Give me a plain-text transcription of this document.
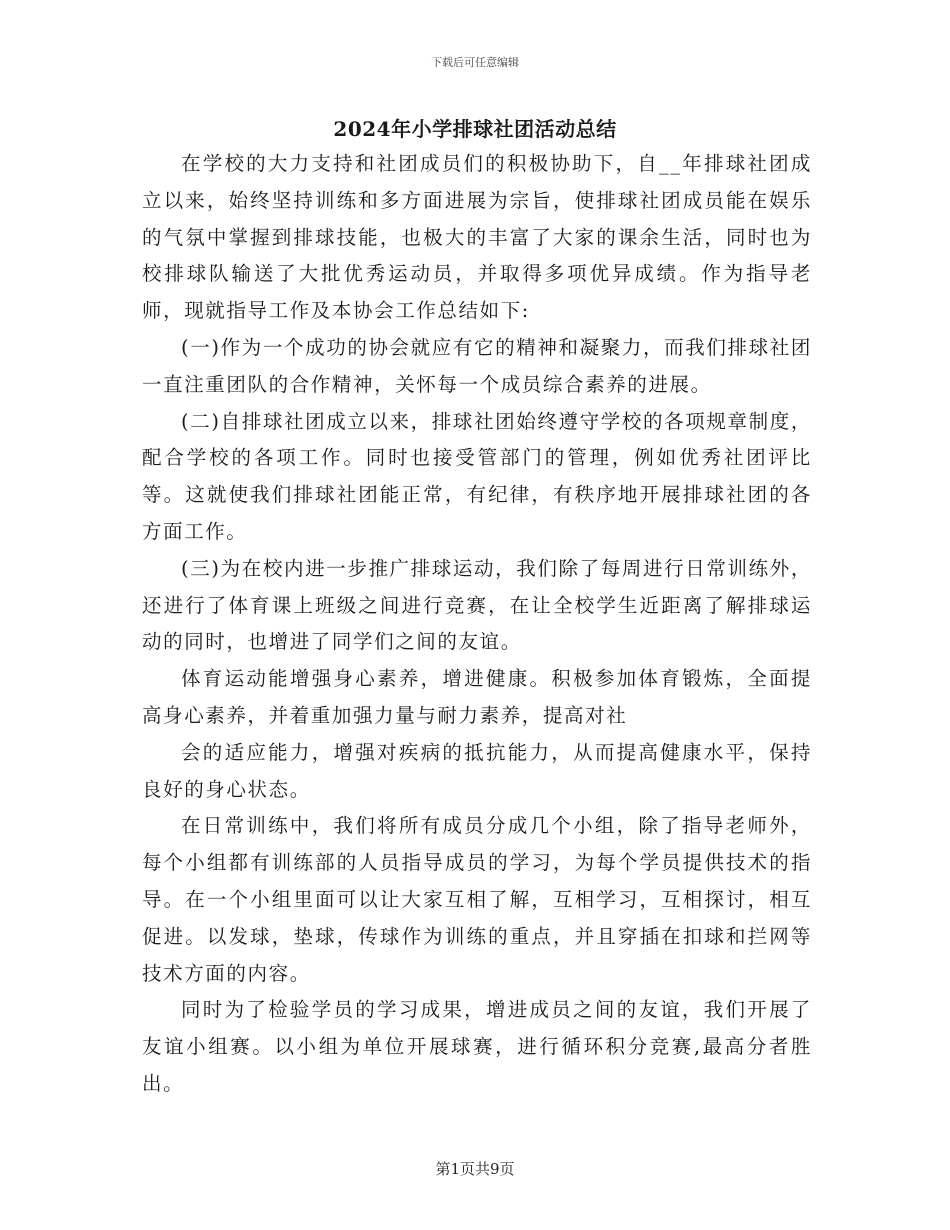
下载后可任意编辑
2024年小学排球社团活动总结

在学校的大力支持和社团成员们的积极协助下，自__年排球社团成立以来，始终坚持训练和多方面进展为宗旨，使排球社团成员能在娱乐的气氛中掌握到排球技能，也极大的丰富了大家的课余生活，同时也为校排球队输送了大批优秀运动员，并取得多项优异成绩。作为指导老师，现就指导工作及本协会工作总结如下:

(一)作为一个成功的协会就应有它的精神和凝聚力，而我们排球社团一直注重团队的合作精神，关怀每一个成员综合素养的进展。

(二)自排球社团成立以来，排球社团始终遵守学校的各项规章制度，配合学校的各项工作。同时也接受管部门的管理，例如优秀社团评比等。这就使我们排球社团能正常，有纪律，有秩序地开展排球社团的各方面工作。

(三)为在校内进一步推广排球运动，我们除了每周进行日常训练外，还进行了体育课上班级之间进行竞赛，在让全校学生近距离了解排球运动的同时，也增进了同学们之间的友谊。

体育运动能增强身心素养，增进健康。积极参加体育锻炼，全面提高身心素养，并着重加强力量与耐力素养，提高对社

会的适应能力，增强对疾病的抵抗能力，从而提高健康水平，保持良好的身心状态。

在日常训练中，我们将所有成员分成几个小组，除了指导老师外，每个小组都有训练部的人员指导成员的学习，为每个学员提供技术的指导。在一个小组里面可以让大家互相了解，互相学习，互相探讨，相互促进。以发球，垫球，传球作为训练的重点，并且穿插在扣球和拦网等技术方面的内容。

同时为了检验学员的学习成果，增进成员之间的友谊，我们开展了友谊小组赛。以小组为单位开展球赛，进行循环积分竞赛,最高分者胜出。

第1页共9页
